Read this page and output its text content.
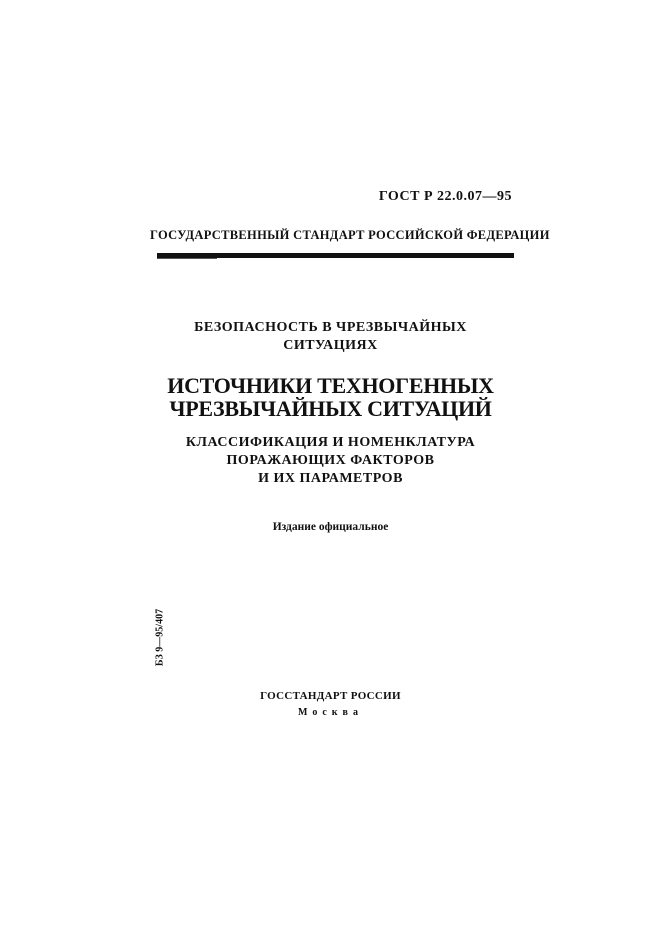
ГОСТ Р 22.0.07—95
ГОСУДАРСТВЕННЫЙ СТАНДАРТ РОССИЙСКОЙ ФЕДЕРАЦИИ
БЕЗОПАСНОСТЬ В ЧРЕЗВЫЧАЙНЫХ
СИТУАЦИЯХ
ИСТОЧНИКИ ТЕХНОГЕННЫХ
ЧРЕЗВЫЧАЙНЫХ СИТУАЦИЙ
КЛАССИФИКАЦИЯ И НОМЕНКЛАТУРА
ПОРАЖАЮЩИХ ФАКТОРОВ
И ИХ ПАРАМЕТРОВ
Издание официальное
БЗ 9—95/407
ГОССТАНДАРТ РОССИИ
Москва
